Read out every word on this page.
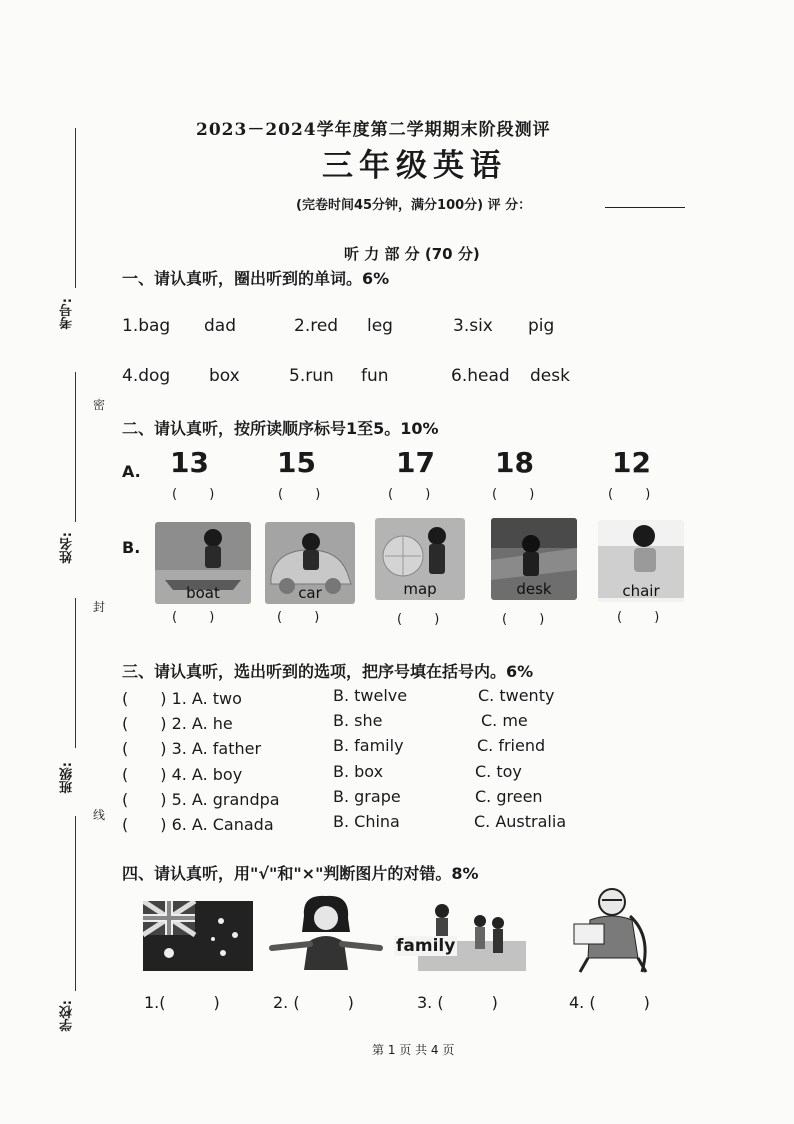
考号:
密
姓名:
封
班级:
线
学校:
2023－2024学年度第二学期期末阶段测评
三年级英语
(完卷时间45分钟，满分100分) 评 分：
听 力 部 分 (70 分)
一、请认真听，圈出听到的单词。6%
1.bag dad	2.red leg	3.six pig
4.dog box	5.run fun	6.head desk
二、请认真听，按所读顺序标号1至5。10%
A. 13 15	17 18	12
( )	( )	( )	( )	( )
B.
boat	car	map	desk	chair
( )	( )	( )	( )	( )
三、请认真听，选出听到的选项，把序号填在括号内。6%
(　　) 1. A. two	B. twelve	C. twenty
(　　) 2. A. he	B. she	C. me
(　　) 3. A. father	B. family	C. friend
(　　) 4. A. boy	B. box	C. toy
(　　) 5. A. grandpa	B. grape	C. green
(　　) 6. A. Canada	B. China	C. Australia
四、请认真听，用"√"和"×"判断图片的对错。8%
family
1.(　　　)	2. (　　　)	3. (　　　)	4. (　　　)
第 1 页 共 4 页
